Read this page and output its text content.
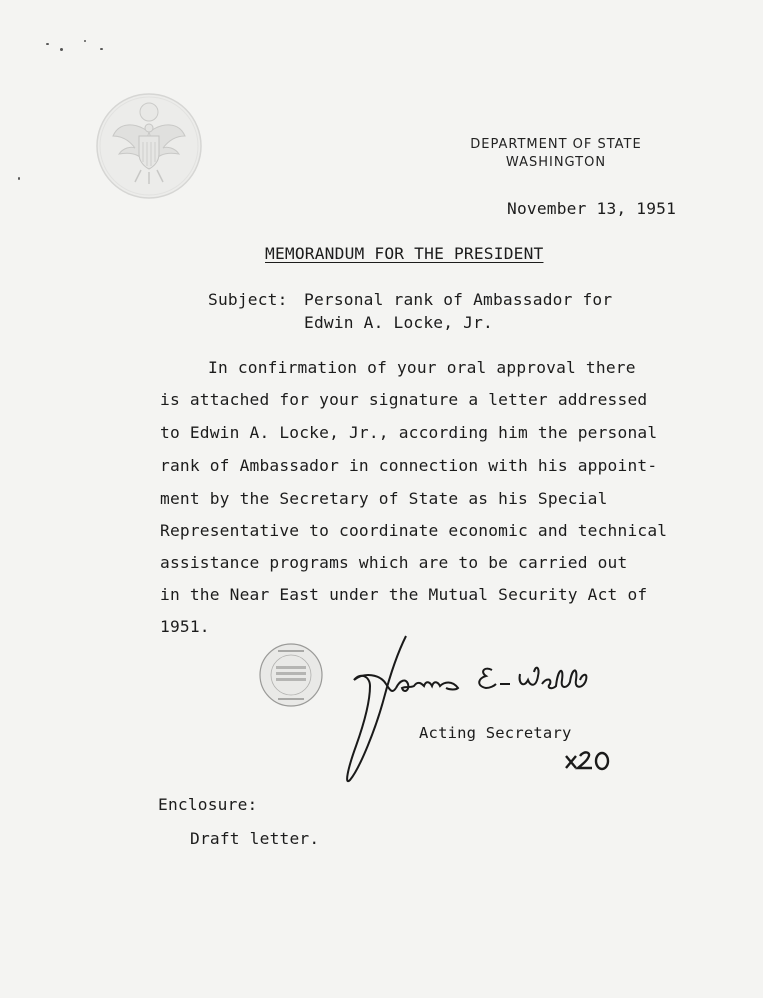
DEPARTMENT OF STATE
WASHINGTON
November 13, 1951
MEMORANDUM FOR THE PRESIDENT
Subject: Personal rank of Ambassador for
Edwin A. Locke, Jr.
In confirmation of your oral approval there
is attached for your signature a letter addressed
to Edwin A. Locke, Jr., according him the personal
rank of Ambassador in connection with his appoint-
ment by the Secretary of State as his Special
Representative to coordinate economic and technical
assistance programs which are to be carried out
in the Near East under the Mutual Security Act of
1951.
Acting Secretary
Enclosure:
Draft letter.
